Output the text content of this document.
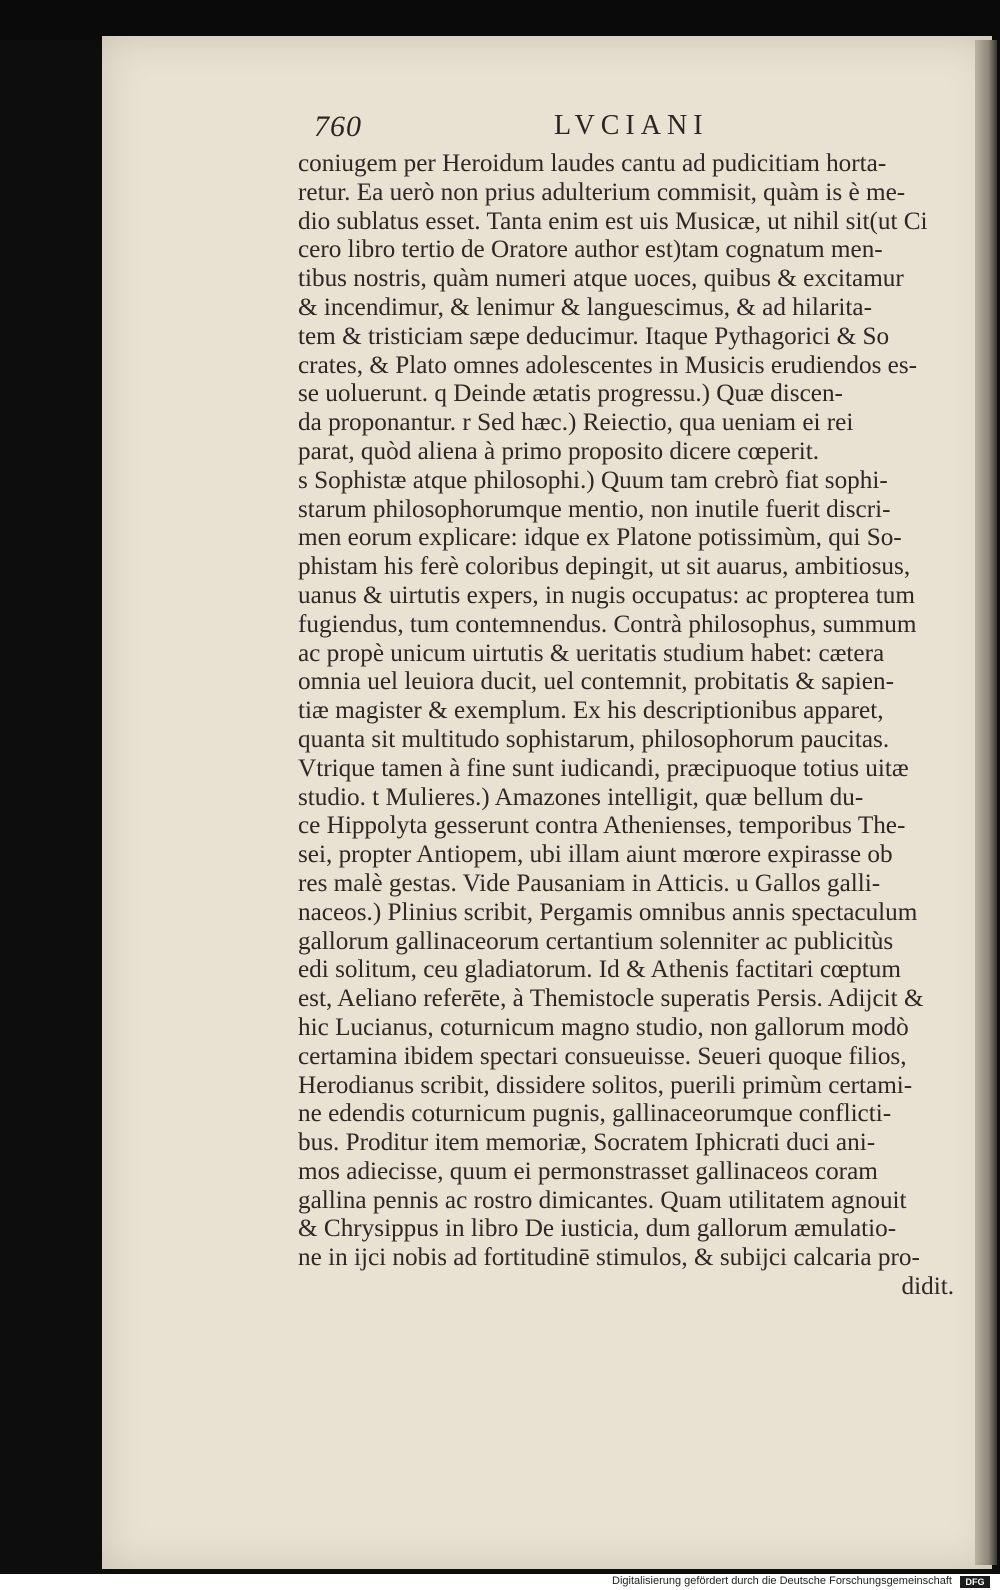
760	LVCIANI
coniugem per Heroidum laudes cantu ad pudicitiam horta-
retur. Ea uerò non prius adulterium commisit, quàm is è me-
dio sublatus esset. Tanta enim est uis Musicæ, ut nihil sit(ut Ci
cero libro tertio de Oratore author est)tam cognatum men-
tibus nostris, quàm numeri atque uoces, quibus & excitamur
& incendimur, & lenimur & languescimus, & ad hilarita-
tem & tristiciam sæpe deducimur. Itaque Pythagorici & So
crates, & Plato omnes adolescentes in Musicis erudiendos es-
se uoluerunt. q Deinde ætatis progressu.) Quæ discen-
da proponantur. r Sed hæc.) Reiectio, qua ueniam ei rei
parat, quòd aliena à primo proposito dicere cœperit.
s Sophistæ atque philosophi.) Quum tam crebrò fiat sophi-
starum philosophorumque mentio, non inutile fuerit discri-
men eorum explicare: idque ex Platone potissimùm, qui So-
phistam his ferè coloribus depingit, ut sit auarus, ambitiosus,
uanus & uirtutis expers, in nugis occupatus: ac propterea tum
fugiendus, tum contemnendus. Contrà philosophus, summum
ac propè unicum uirtutis & ueritatis studium habet: cætera
omnia uel leuiora ducit, uel contemnit, probitatis & sapien-
tiæ magister & exemplum. Ex his descriptionibus apparet,
quanta sit multitudo sophistarum, philosophorum paucitas.
Vtrique tamen à fine sunt iudicandi, præcipuoque totius uitæ
studio. t Mulieres.) Amazones intelligit, quæ bellum du-
ce Hippolyta gesserunt contra Athenienses, temporibus The-
sei, propter Antiopem, ubi illam aiunt mœrore expirasse ob
res malè gestas. Vide Pausaniam in Atticis. u Gallos galli-
naceos.) Plinius scribit, Pergamis omnibus annis spectaculum
gallorum gallinaceorum certantium solenniter ac publicitùs
edi solitum, ceu gladiatorum. Id & Athenis factitari cœptum
est, Aeliano referēte, à Themistocle superatis Persis. Adijcit &
hic Lucianus, coturnicum magno studio, non gallorum modò
certamina ibidem spectari consueuisse. Seueri quoque filios,
Herodianus scribit, dissidere solitos, puerili primùm certami-
ne edendis coturnicum pugnis, gallinaceorumque conflicti-
bus. Proditur item memoriæ, Socratem Iphicrati duci ani-
mos adiecisse, quum ei permonstrasset gallinaceos coram
gallina pennis ac rostro dimicantes. Quam utilitatem agnouit
& Chrysippus in libro De iusticia, dum gallorum æmulatio-
ne in ijci nobis ad fortitudinē stimulos, & subijci calcaria pro-
didit.
Digitalisierung gefördert durch die Deutsche Forschungsgemeinschaft	DFG
